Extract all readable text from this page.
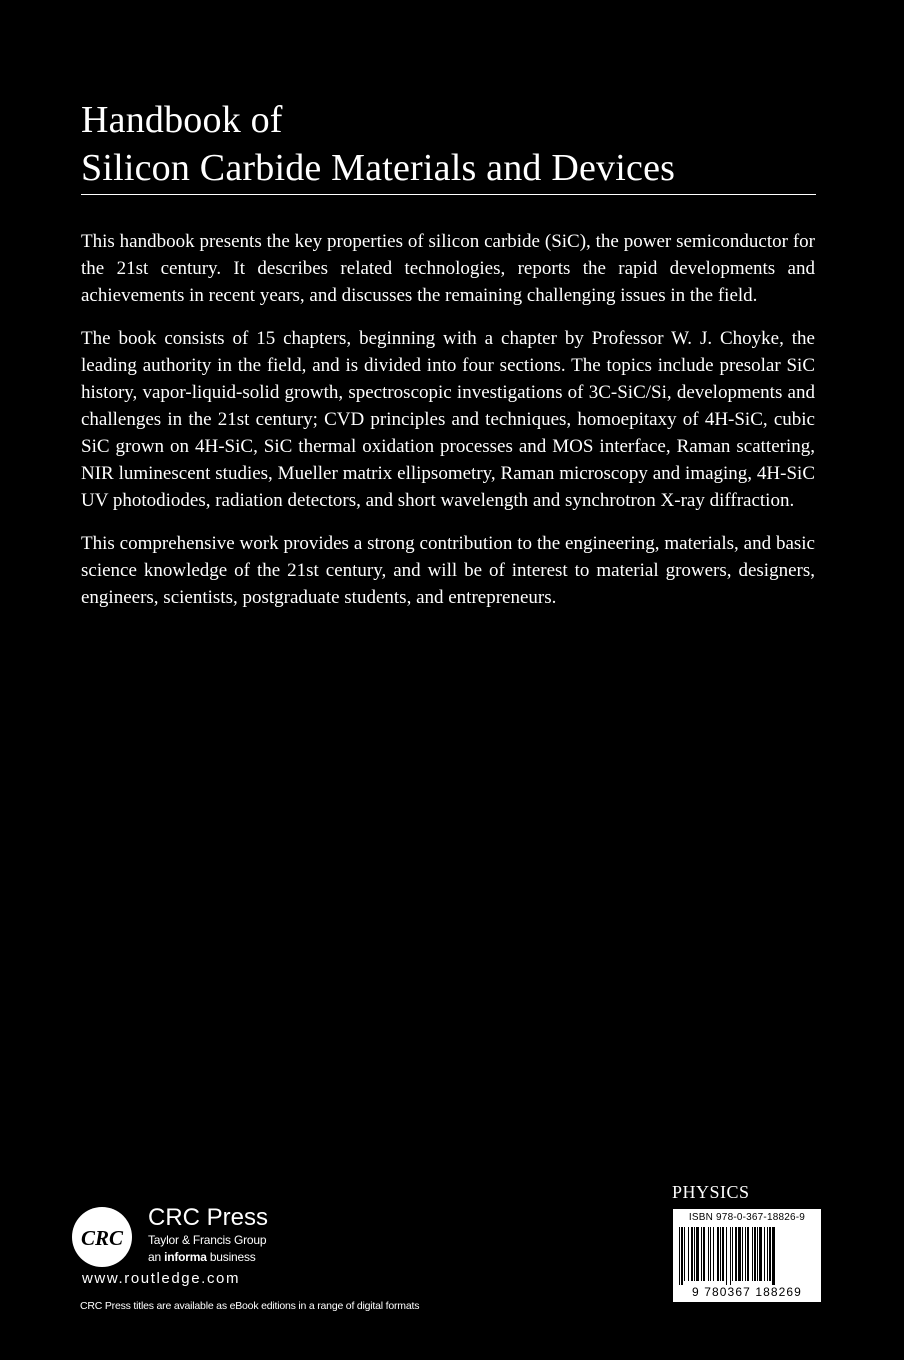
Handbook of
Silicon Carbide Materials and Devices

This handbook presents the key properties of silicon carbide (SiC), the power semiconductor for the 21st century. It describes related technologies, reports the rapid developments and achievements in recent years, and discusses the remaining challenging issues in the field.

The book consists of 15 chapters, beginning with a chapter by Professor W. J. Choyke, the leading authority in the field, and is divided into four sections. The topics include presolar SiC history, vapor-liquid-solid growth, spectroscopic investigations of 3C-SiC/Si, developments and challenges in the 21st century; CVD principles and techniques, homoepitaxy of 4H-SiC, cubic SiC grown on 4H-SiC, SiC thermal oxidation processes and MOS interface, Raman scattering, NIR luminescent studies, Mueller matrix ellipsometry, Raman microscopy and imaging, 4H-SiC UV photodiodes, radiation detectors, and short wavelength and synchrotron X-ray diffraction.

This comprehensive work provides a strong contribution to the engineering, materials, and basic science knowledge of the 21st century, and will be of interest to material growers, designers, engineers, scientists, postgraduate students, and entrepreneurs.

CRC
CRC Press
Taylor & Francis Group
an informa business
www.routledge.com
CRC Press titles are available as eBook editions in a range of digital formats
PHYSICS
ISBN 978-0-367-18826-9
9 780367 188269
